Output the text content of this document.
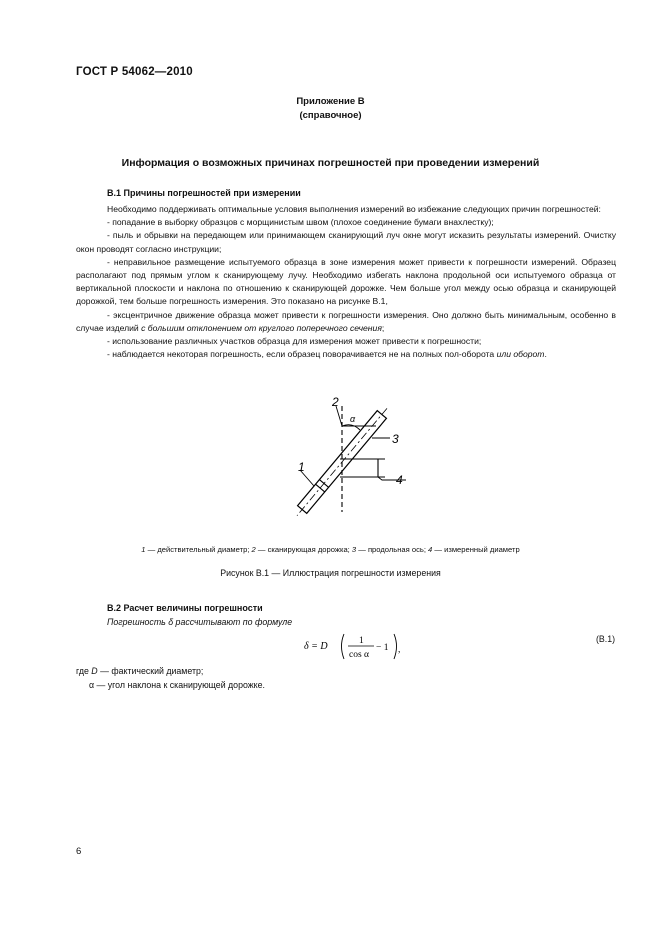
ГОСТ Р 54062—2010
Приложение В
(справочное)
Информация о возможных причинах погрешностей при проведении измерений
В.1 Причины погрешностей при измерении

Необходимо поддерживать оптимальные условия выполнения измерений во избежание следующих причин погрешностей:

- попадание в выборку образцов с морщинистым швом (плохое соединение бумаги внахлестку);

- пыль и обрывки на передающем или принимающем сканирующий луч окне могут исказить результаты измерений. Очистку окон проводят согласно инструкции;

- неправильное размещение испытуемого образца в зоне измерения может привести к погрешности измерений. Образец располагают под прямым углом к сканирующему лучу. Необходимо избегать наклона продольной оси испытуемого образца от вертикальной плоскости и наклона по отношению к сканирующей дорожке. Чем больше угол между осью образца и сканирующей дорожкой, тем больше погрешность измерения. Это показано на рисунке В.1,

- эксцентричное движение образца может привести к погрешности измерения. Оно должно быть минимальным, особенно в случае изделий с большим отклонением от круглого поперечного сечения;

- использование различных участков образца для измерения может привести к погрешности;

- наблюдается некоторая погрешность, если образец поворачивается не на полных пол-оборота или оборот.

2
α
3
1
4
1 — действительный диаметр; 2 — сканирующая дорожка; 3 — продольная ось; 4 — измеренный диаметр
Рисунок В.1 — Иллюстрация погрешности измерения
В.2 Расчет величины погрешности
Погрешность δ рассчитывают по формуле
δ = D	1
cos α
− 1 ,
(В.1)
где D — фактический диаметр;
α — угол наклона к сканирующей дорожке.
6
